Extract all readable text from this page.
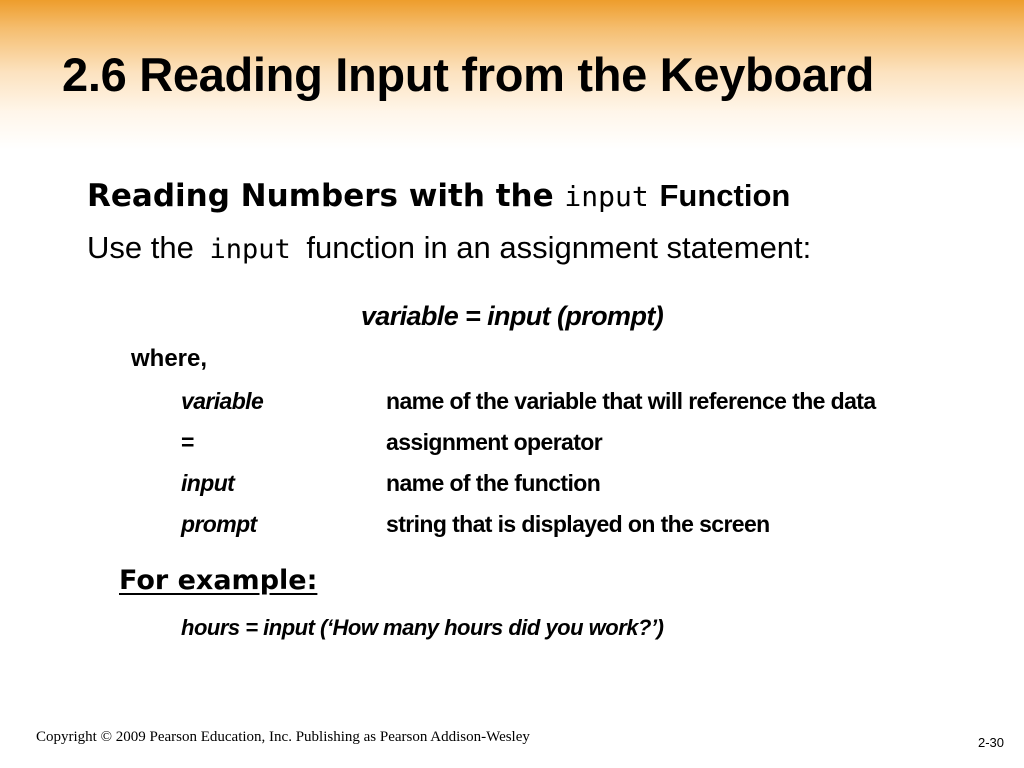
2.6 Reading Input from the Keyboard
Reading Numbers with the input Function
Use the input function in an assignment statement:
variable = input (prompt)
where,
variable	name of the variable that will reference the data
=	assignment operator
input	name of the function
prompt	string that is displayed on the screen
For example:
hours = input (‘How many hours did you work?’)
Copyright © 2009 Pearson Education, Inc. Publishing as Pearson Addison-Wesley	2-30
